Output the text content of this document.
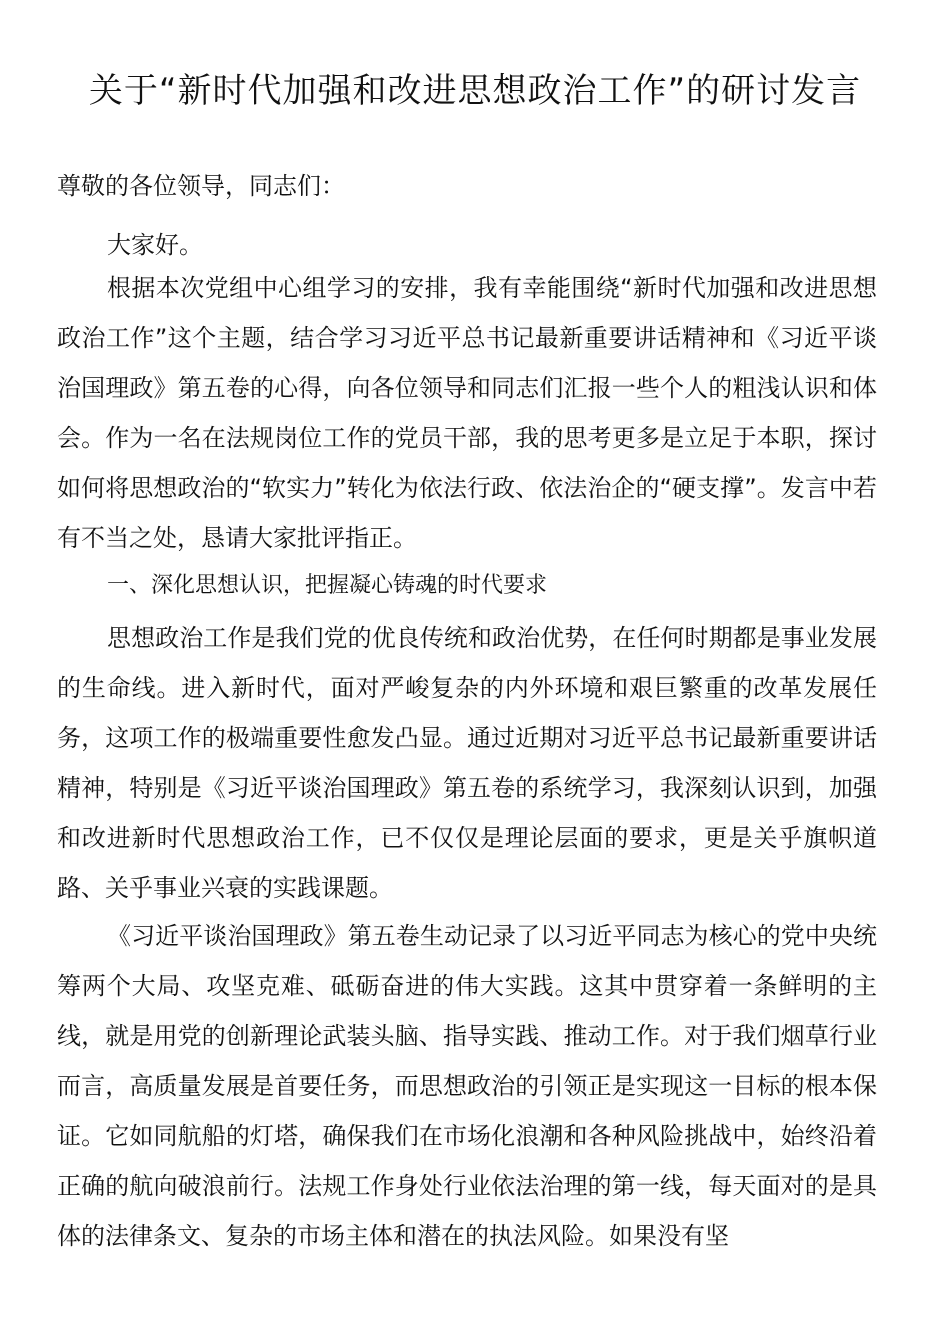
关于“新时代加强和改进思想政治工作”的研讨发言
尊敬的各位领导，同志们：

大家好。

根据本次党组中心组学习的安排，我有幸能围绕“新时代加强和改进思想政治工作”这个主题，结合学习习近平总书记最新重要讲话精神和《习近平谈治国理政》第五卷的心得，向各位领导和同志们汇报一些个人的粗浅认识和体会。作为一名在法规岗位工作的党员干部，我的思考更多是立足于本职，探讨如何将思想政治的“软实力”转化为依法行政、依法治企的“硬支撑”。发言中若有不当之处，恳请大家批评指正。

一、深化思想认识，把握凝心铸魂的时代要求

思想政治工作是我们党的优良传统和政治优势，在任何时期都是事业发展的生命线。进入新时代，面对严峻复杂的内外环境和艰巨繁重的改革发展任务，这项工作的极端重要性愈发凸显。通过近期对习近平总书记最新重要讲话精神，特别是《习近平谈治国理政》第五卷的系统学习，我深刻认识到，加强和改进新时代思想政治工作，已不仅仅是理论层面的要求，更是关乎旗帜道路、关乎事业兴衰的实践课题。

《习近平谈治国理政》第五卷生动记录了以习近平同志为核心的党中央统筹两个大局、攻坚克难、砥砺奋进的伟大实践。这其中贯穿着一条鲜明的主线，就是用党的创新理论武装头脑、指导实践、推动工作。对于我们烟草行业而言，高质量发展是首要任务，而思想政治的引领正是实现这一目标的根本保证。它如同航船的灯塔，确保我们在市场化浪潮和各种风险挑战中，始终沿着正确的航向破浪前行。法规工作身处行业依法治理的第一线，每天面对的是具体的法律条文、复杂的市场主体和潜在的执法风险。如果没有坚
